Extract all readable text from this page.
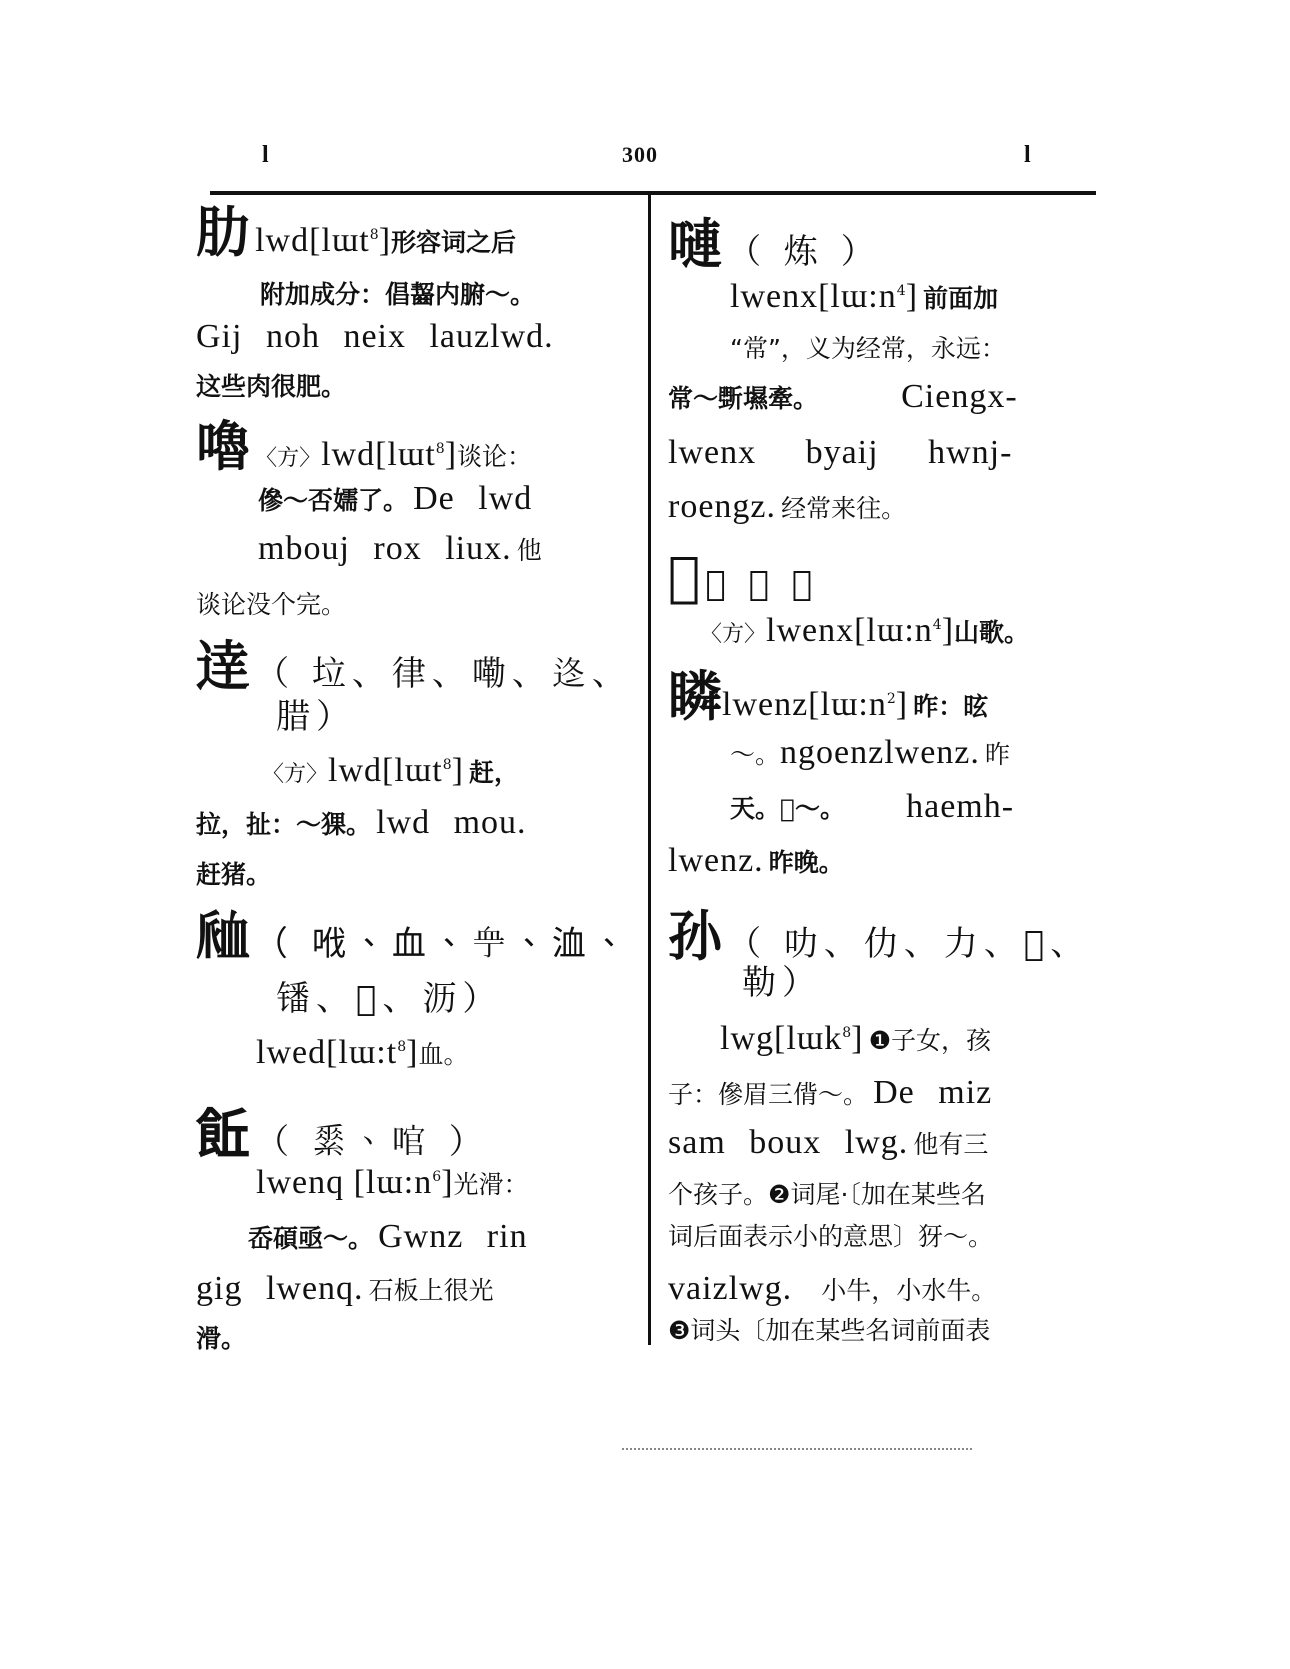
l	300	l
肋 lwd[lɯt$^8$]形容词之后
附加成分：倡齧内腑～。
Gij noh neix lauzlwd.
这些肉很肥。
嚕 〈方〉lwd[lɯt$^8$]谈论：
傪～否嬬了。 De lwd
mbouj rox liux. 他
谈论没个完。
逹 （ 垃、律、嘞、𨒟、
腊）
〈方〉lwd[lɯt$^8$] 赶，
拉，扯：～猓。 lwd mou.
赶猪。
𧖴 （ 𠲎、血、𧖧、洫、
𫔍、𡖙、沥）
$lwed[lɯ:t^8]$血。
𩚨 （ 𦃃、𠴨 ）
lwenq $[lɯ:n^6]$光滑：
岙碩亟～。 Gwnz rin
gig lwenq. 石板上很光
滑。
嗹 （ 炼 ）
$lwenx[lɯ:n^4]$ 前面加
“常”，义为经常，永远：
常～斲㙷牽。 Ciengx-
lwenx byaij hwnj-
roengz. 经常来往。
𪛆 （ 𦫚 ）
〈方〉$lwenx[lɯ:n^4]$山歌。
瞵$lwenz[lɯ:n^2]$ 昨：昡
～。ngoenzlwenz. 昨
天。𦝊～。 haemh-
lwenz. 昨晚。
孙 （ 叻、仂、力、𫝰、
勒）
lwg[lɯk$^8$] ❶子女，孩
子：傪眉三偝～。 De miz
sam boux lwg. 他有三
个孩子。❷词尾·〔加在某些名
词后面表示小的意思〕犽～。
vaizlwg. 小牛，小水牛。
❸词头〔加在某些名词前面表
